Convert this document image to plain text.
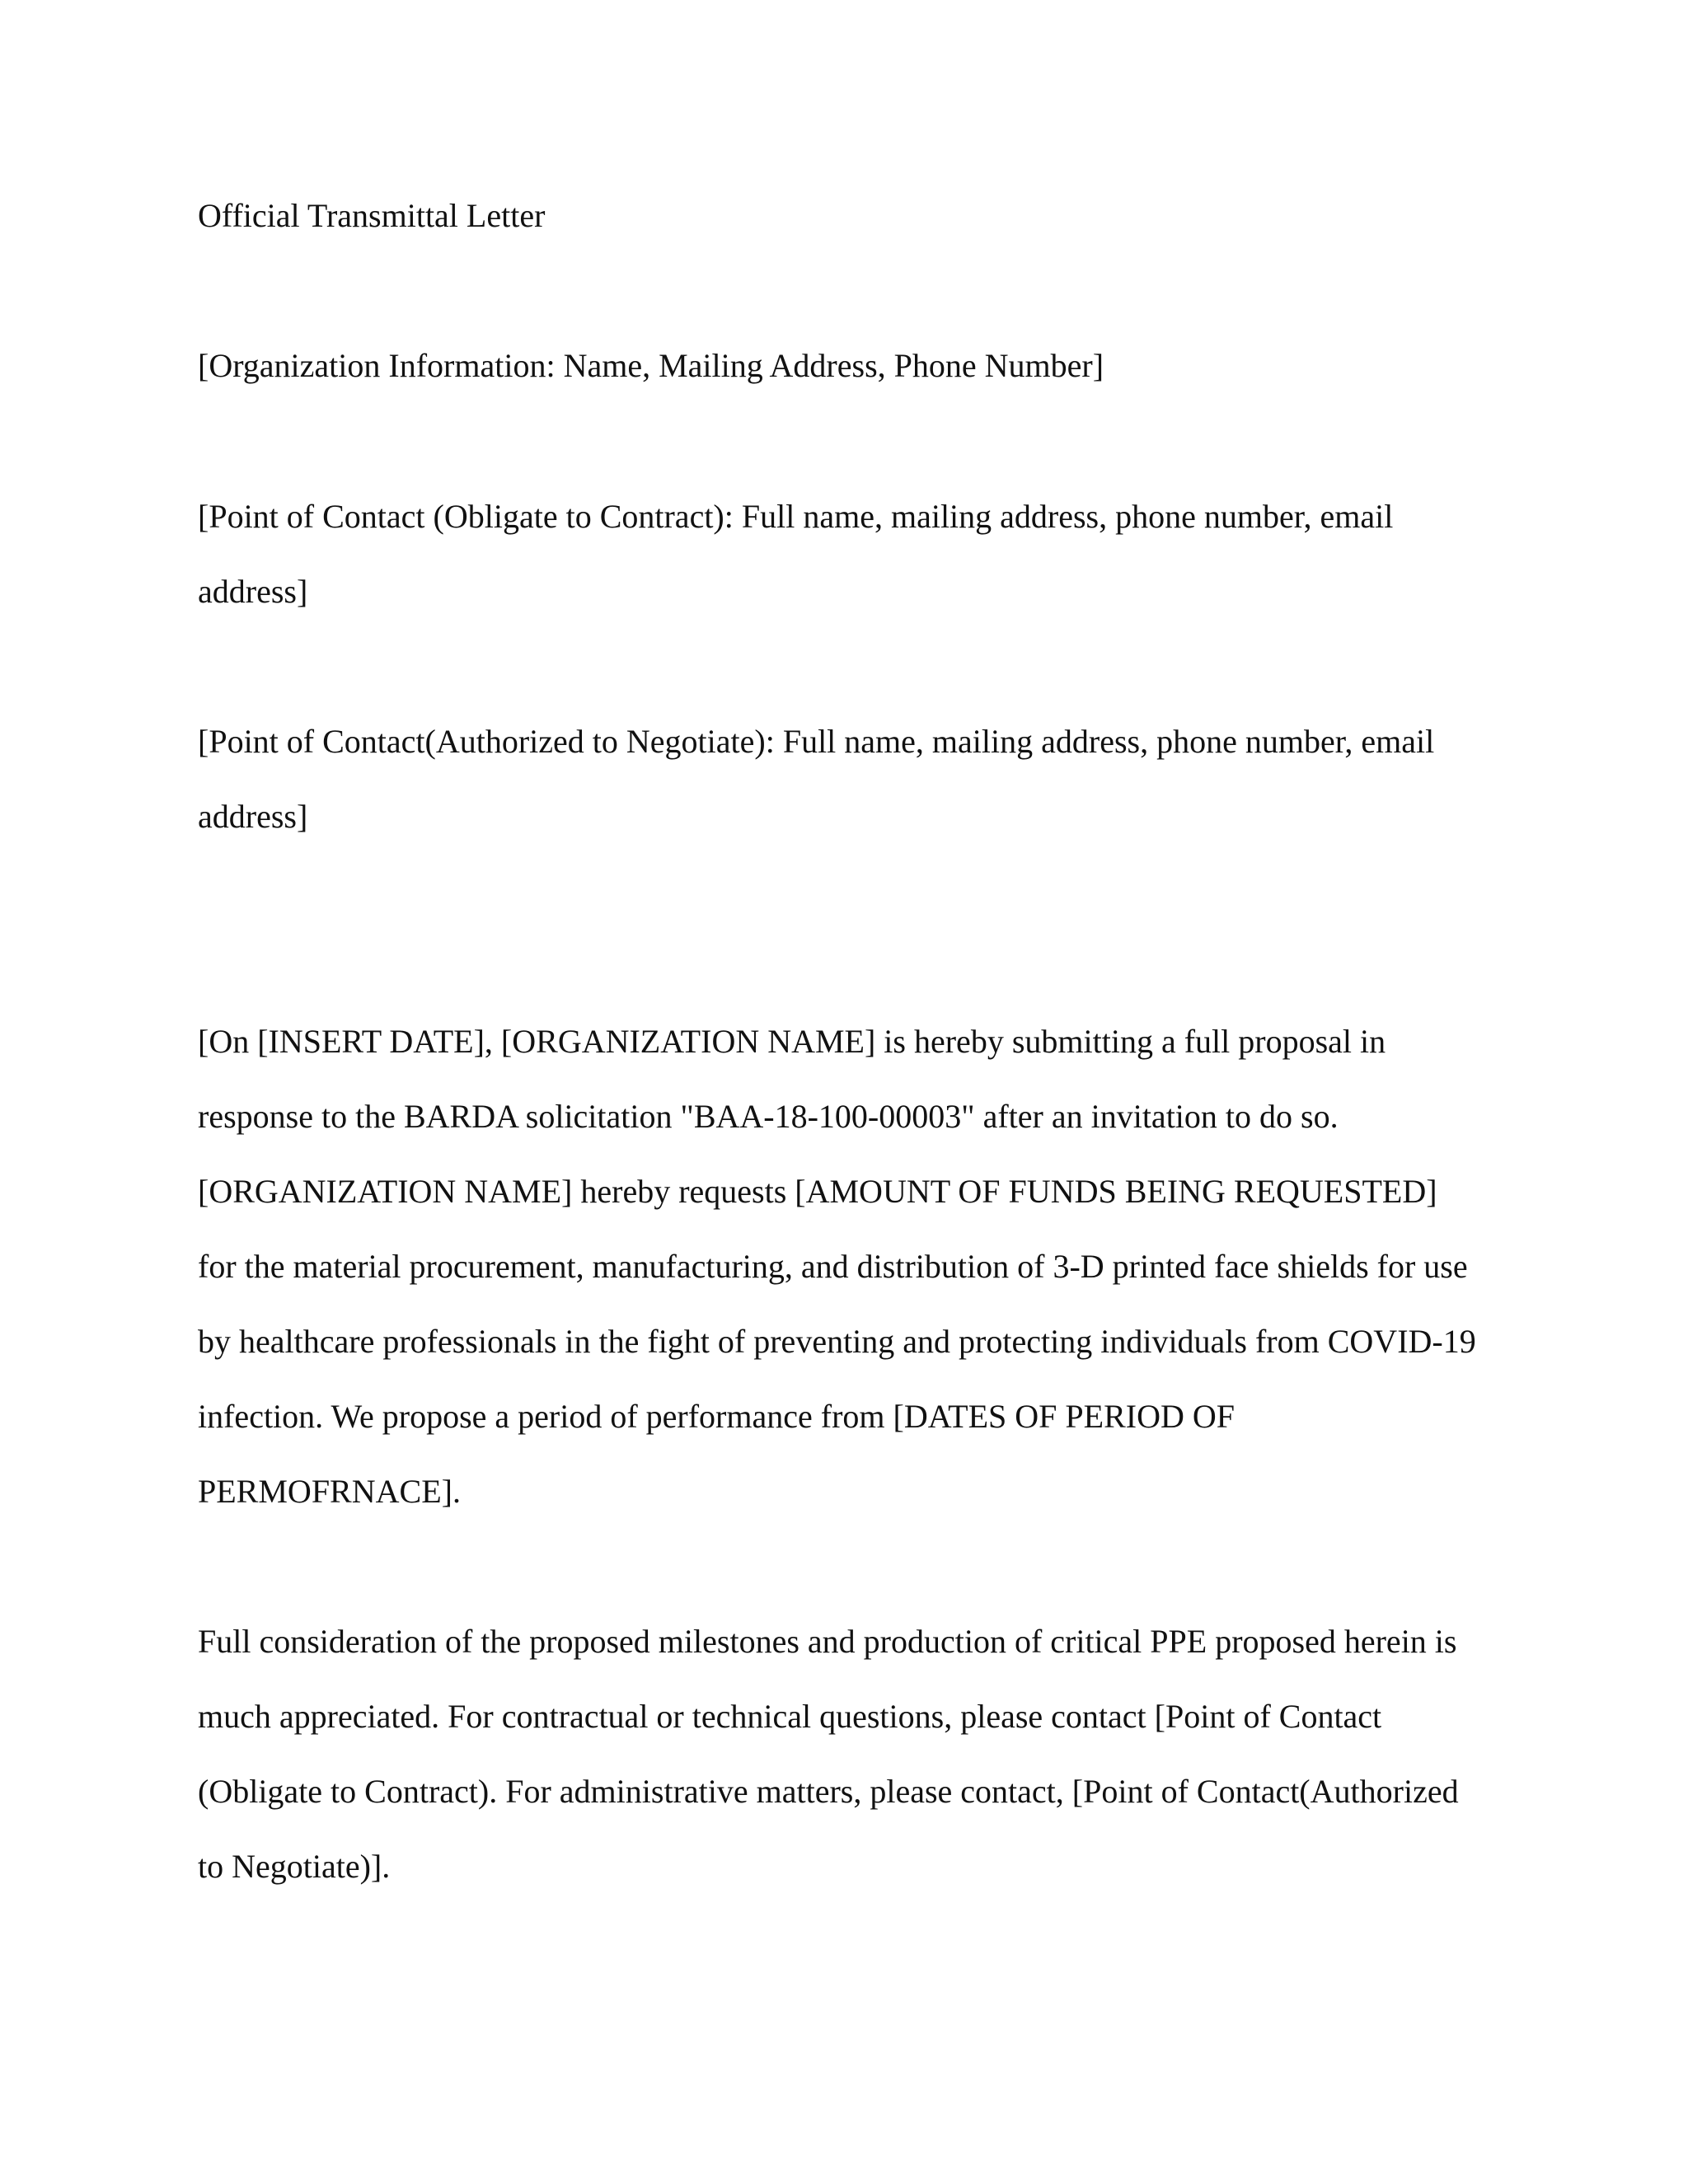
Official Transmittal Letter

[Organization Information: Name, Mailing Address, Phone Number]

[Point of Contact (Obligate to Contract): Full name, mailing address, phone number, email

address]

[Point of Contact(Authorized to Negotiate): Full name, mailing address, phone number, email

address]

[On [INSERT DATE], [ORGANIZATION NAME] is hereby submitting a full proposal in

response to the BARDA solicitation "BAA-18-100-00003" after an invitation to do so.

[ORGANIZATION NAME] hereby requests [AMOUNT OF FUNDS BEING REQUESTED]

for the material procurement, manufacturing, and distribution of 3-D printed face shields for use

by healthcare professionals in the fight of preventing and protecting individuals from COVID-19

infection. We propose a period of performance from [DATES OF PERIOD OF

PERMOFRNACE].

Full consideration of the proposed milestones and production of critical PPE proposed herein is

much appreciated. For contractual or technical questions, please contact [Point of Contact

(Obligate to Contract). For administrative matters, please contact, [Point of Contact(Authorized

to Negotiate)].
